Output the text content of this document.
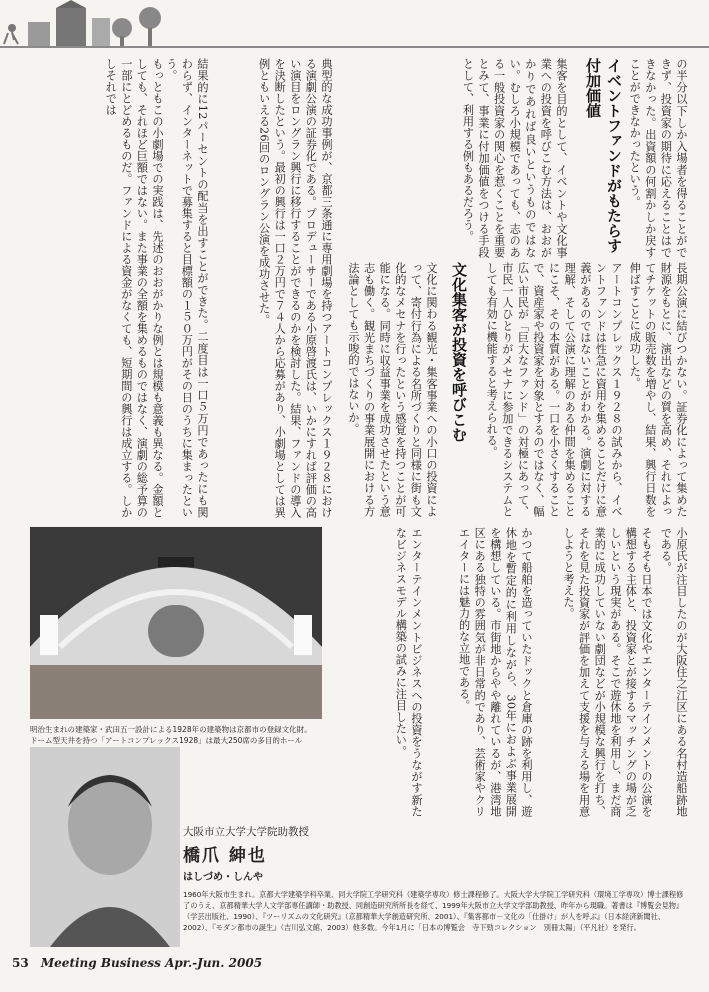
の半分以下しか入場者を得ることができず、投資家の期待に応えることはできなかった。出資額の何割かしか戻すことができなかったという。
イベントファンドがもたらす付加価値
集客を目的として、イベントや文化事業への投資を呼びこむ方法は、おおがかりであれば良いというものではない。むしろ小規模であっても、志のある一般投資家の関心を惹くことを重要とみて、事業に付加価値をつける手段として、利用する例もあるだろう。
もっともこの小劇場での実践は、先述のおおがかりな例とは規模も意義も異なる。金額としても、それほど巨額ではない。また事業の全額を集めるものではなく、演劇の総予算の一部にとどめるものだ。ファンドによる資金がなくても、短期間の興行は成立する。しかしそれでは	結果的に12パーセントの配当を出すことができた。二度目は一口５万円であったにも関わらず、インターネットで募集すると目標額の１５０万円がその日のうちに集まったという。	典型的な成功事例が、京都三条通に専用劇場を持つアートコンプレックス１９２８における演劇公演の証券化である。プロデューサーである小原啓渡氏は、いかにすれば評価の高い演目をロングラン興行に移行することができるのかを検討した。結果、ファンドの導入を決断したという。最初の興行は一口２万円で７４人から応募があり、小劇場としては異例ともいえる26回のロングラン公演を成功させた。
長期公演に結びつかない。証券化によって集めた財源をもとに、演出などの質を高め、それによってチケットの販売数を増やし、結果、興行日数を伸ばすことに成功した。
アートコンプレックス１９２８の試みから、イベントファンドは性急に資用を集めることだけに意義があるのではないことがわかる。演劇に対する理解、そして公演に理解のある仲間を集めることにこそ、その本質がある。一口を小さくすることで、資産家や投資家を対象とするのではなく、幅広い市民が「巨大なファンド」の対極にあって、市民一人ひとりがメセナに参加できるシステムとしても有効に機能すると考えられる。
文化集客が投資を呼びこむ
文化に関わる観光・集客事業への小口の投資によって、寄付行為による名所づくりと同様に街も文化的なメセナを行ったという感覚を持つことが可能になる。同時に収益事業を成功させたという意志も働く。観光まちづくりの事業展開における方法論としても示唆的ではないか。
小原氏が注目したのが大阪住之江区にある名村造船跡地である。
そもそも日本では文化やエンターテインメントの公演を構想する主体と、投資家とが接するマッチングの場が乏しいという現実がある。そこで遊休地を利用し、まだ商業的に成功していない劇団などが小規模な興行を打ち、それを見た投資家が評価を加えて支援を与える場を用意しようと考えた。
かつて船舶を造っていたドックと倉庫の跡を利用し、遊休地を暫定的に利用しながら、30年におよぶ事業展開を構想している。市街地からやや離れているが、港湾地区にある独特の雰囲気が非日常的であり、芸術家やクリエイターには魅力的な立地である。
エンターテインメントビジネスへの投資をうながす新たなビジネスモデル構築の試みに注目したい。
明治生まれの建築家・武田五一設計による1928年の建築物は京都市の登録文化財。
ドーム型天井を持つ「アートコンプレックス1928」は最大250席の多目的ホール

大阪市立大学大学院助教授

橋爪 紳也

はしづめ・しんや

1960年大阪市生まれ。京都大学建築学科卒業、同大学院工学研究科（建築学専攻）修士課程修了。大阪大学大学院工学研究科（環境工学専攻）博士課程修了のうえ、京都精華大学人文学部専任講師・助教授、同創造研究所所長を経て、1999年大阪市立大学文学部助教授、昨年から現職。著書は『博覧会見物』（学芸出版社、1990）、『ツーリズムの文化研究』（京都精華大学創造研究所、2001）、『集客都市－文化の「仕掛け」が人を呼ぶ』（日本経済新聞社、2002）、『モダン都市の誕生』（吉川弘文館、2003）他多数。今年1月に「日本の博覧会　寺下勁コレクション　別冊太陽」（平凡社）を発行。

53 Meeting Business Apr.-Jun. 2005
